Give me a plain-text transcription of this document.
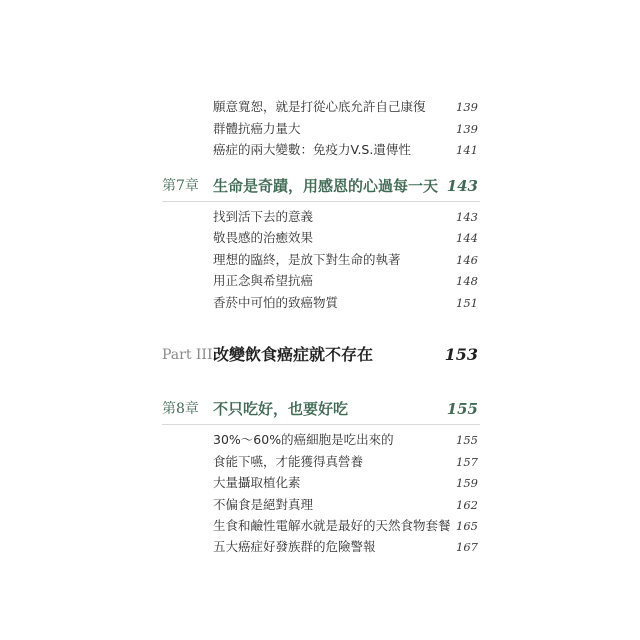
願意寬恕，就是打從心底允許自己康復	139
群體抗癌力量大	139
癌症的兩大變數：免疫力V.S.遺傳性	141
第7章 生命是奇蹟，用感恩的心過每一天 143
找到活下去的意義	143
敬畏感的治癒效果	144
理想的臨終，是放下對生命的執著	146
用正念與希望抗癌	148
香菸中可怕的致癌物質	151
Part III 改變飲食癌症就不存在	153
第8章 不只吃好，也要好吃	155
30%～60%的癌細胞是吃出來的	155
食能下嚥，才能獲得真營養	157
大量攝取植化素	159
不偏食是絕對真理	162
生食和鹼性電解水就是最好的天然食物套餐 165
五大癌症好發族群的危險警報	167
